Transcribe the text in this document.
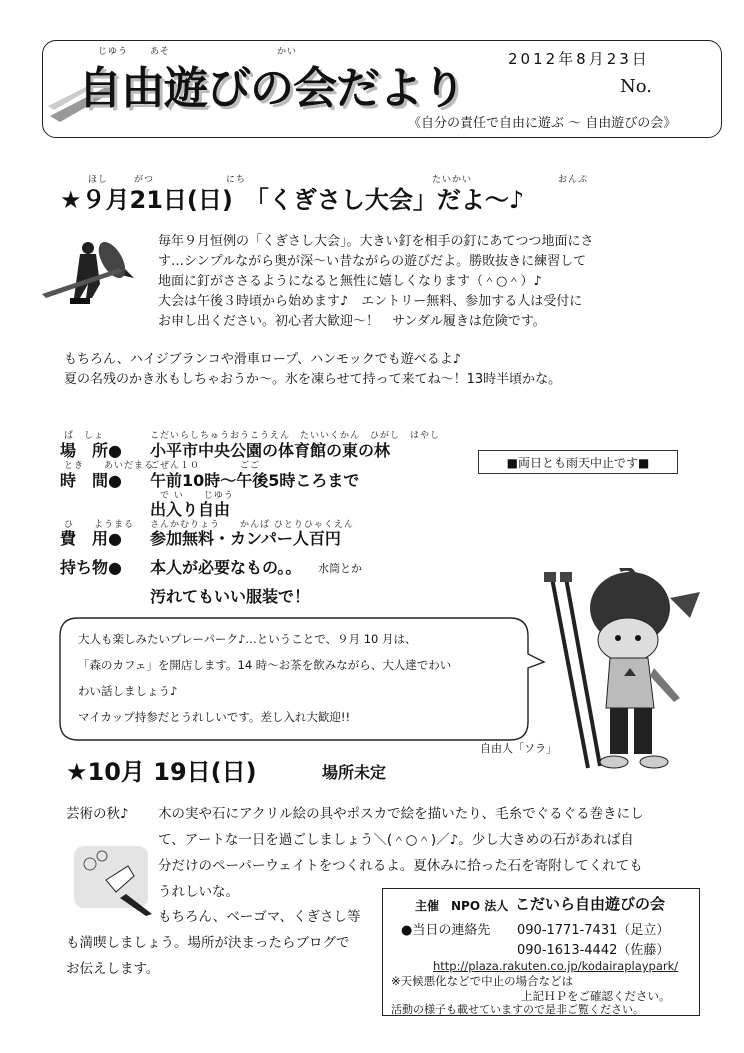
じゆう あそ	かい
自由遊びの会だより
2012年8月23日
No.
《自分の責任で自由に遊ぶ ～ 自由遊びの会》
ほし	がつ	にち	たいかい	おんぷ
★９月21日(日)　「くぎさし大会」だよ～♪
毎年９月恒例の「くぎさし大会」。大きい釘を相手の釘にあてつつ地面にさ
す…シンプルながら奥が深～い昔ながらの遊びだよ。勝敗抜きに練習して
地面に釘がささるようになると無性に嬉しくなります（＾○＾）♪
大会は午後３時頃から始めます♪　エントリー無料、参加する人は受付に
お申し出ください。初心者大歓迎～！　サンダル履きは危険です。
もちろん、ハイジブランコや滑車ロープ、ハンモックでも遊べるよ♪
夏の名残のかき氷もしちゃおうか～。氷を凍らせて持って来てね～！13時半頃かな。
ば　しょ	こだいらしちゅうおうこうえん　たいいくかん　ひがし　はやし
場　所● 小平市中央公園の体育館の東の林
とき　　あいだまる
ごぜん１０　　　　ごご
時　間● 午前10時～午後5時ころまで
で い　　じゆう
出入り自由
ひ　　ようまる さんかむりょう　　かんぱ ひとりひゃくえん
費　用● 参加無料・カンパー人百円
持ち物● 本人が必要なもの。。 水筒とか
汚れてもいい服装で！
■両日とも雨天中止です■
大人も楽しみたいプレーパーク♪…ということで、９月 10 月は、
「森のカフェ」を開店します。14 時～お茶を飲みながら、大人達でわい
わい話しましょう♪
マイカップ持参だとうれしいです。差し入れ大歓迎!!
自由人「ソラ」
★10月 19日(日)	場所未定
芸術の秋♪ 木の実や石にアクリル絵の具やポスカで絵を描いたり、毛糸でぐるぐる巻きにし
て、アートな一日を過ごしましょう＼(＾○＾)／♪。少し大きめの石があれば自
分だけのペーパーウェイトをつくれるよ。夏休みに拾った石を寄附してくれても
うれしいな。
もちろん、ベーゴマ、くぎさし等
も満喫しましょう。場所が決まったらブログで
お伝えします。
主催　NPO 法人 こだいら自由遊びの会
●当日の連絡先 090-1771-7431（足立）
090-1613-4442（佐藤）
http://plaza.rakuten.co.jp/kodairaplaypark/
※天候悪化などで中止の場合などは
上記ＨＰをご確認ください。
活動の様子も載せていますので是非ご覧ください。
